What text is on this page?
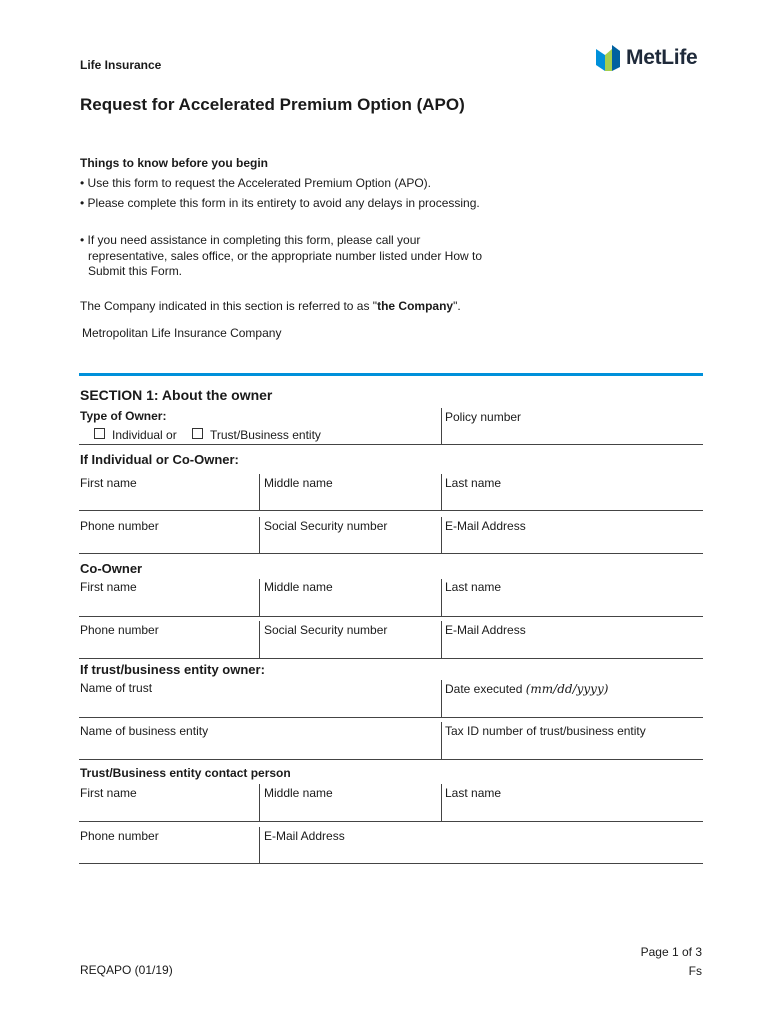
Life Insurance	MetLife
Request for Accelerated Premium Option (APO)
Things to know before you begin
• Use this form to request the Accelerated Premium Option (APO).
• Please complete this form in its entirety to avoid any delays in processing.
• If you need assistance in completing this form, please call your representative, sales office, or the appropriate number listed under How to Submit this Form.
The Company indicated in this section is referred to as "the Company".
Metropolitan Life Insurance Company
SECTION 1: About the owner
Type of Owner:
Individual or	Trust/Business entity
Policy number
If Individual or Co-Owner:
First name	Middle name	Last name
Phone number	Social Security number	E-Mail Address
Co-Owner
First name	Middle name	Last name
Phone number	Social Security number	E-Mail Address
If trust/business entity owner:
Name of trust	Date executed (mm/dd/yyyy)
Name of business entity	Tax ID number of trust/business entity
Trust/Business entity contact person
First name	Middle name	Last name
Phone number	E-Mail Address
REQAPO (01/19)
Page 1 of 3
Fs
